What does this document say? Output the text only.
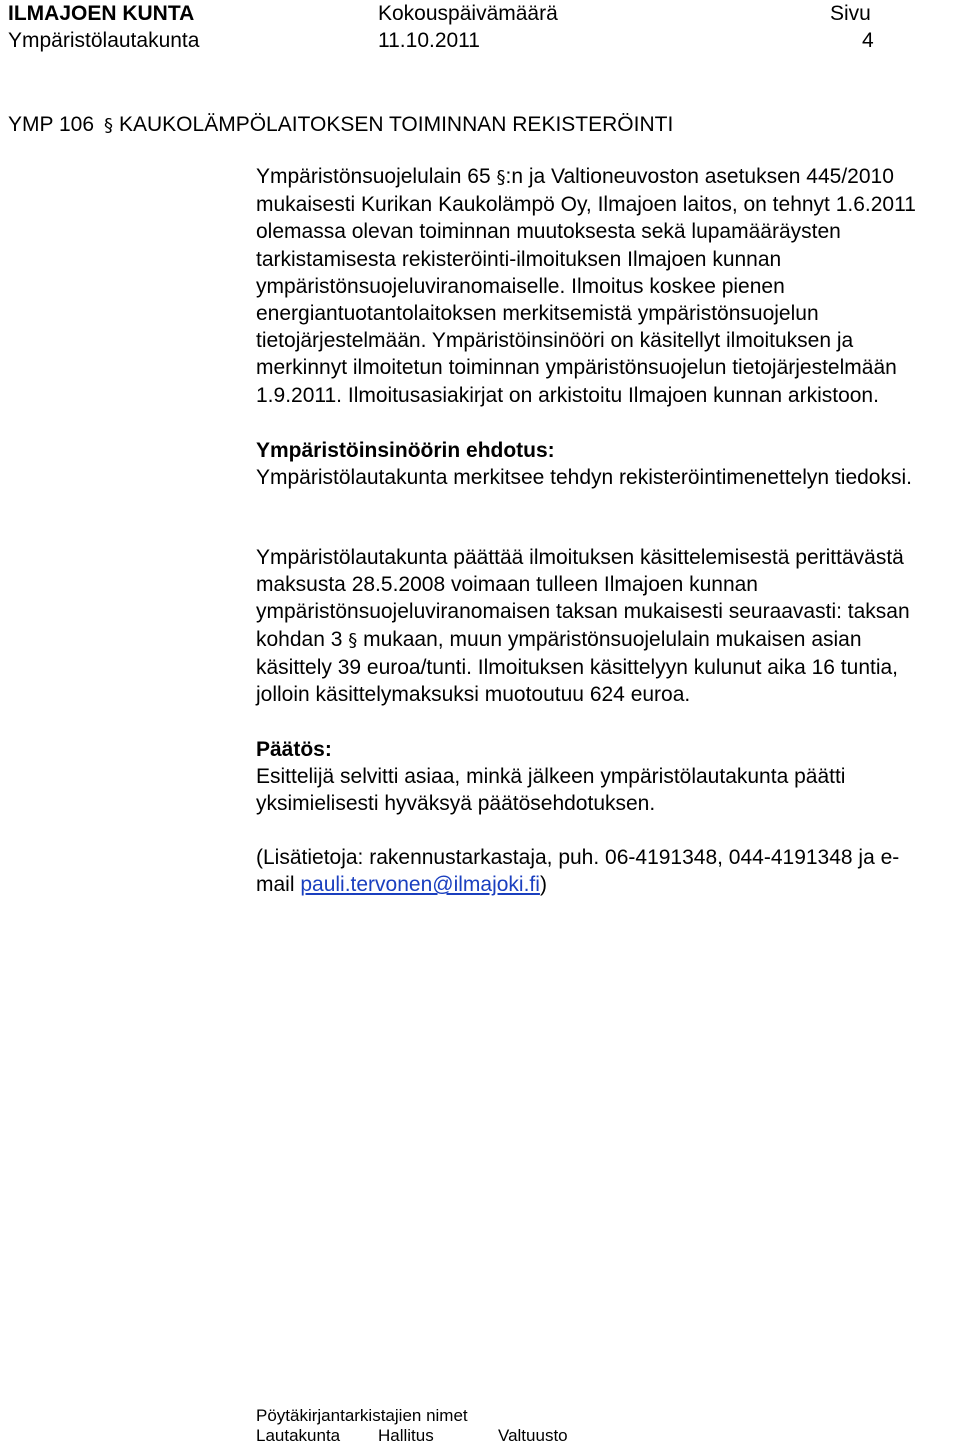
ILMAJOEN KUNTA	Kokouspäivämäärä	Sivu
Ympäristölautakunta	11.10.2011	4
YMP 106 § KAUKOLÄMPÖLAITOKSEN TOIMINNAN REKISTERÖINTI

Ympäristönsuojelulain 65 §:n ja Valtioneuvoston asetuksen 445/2010 mukaisesti Kurikan Kaukolämpö Oy, Ilmajoen laitos, on tehnyt 1.6.2011 olemassa olevan toiminnan muutoksesta sekä lupamääräysten tarkistamisesta rekisteröinti-ilmoituksen Ilmajoen kunnan ympäristönsuojeluviranomaiselle. Ilmoitus koskee pienen energiantuotantolaitoksen merkitsemistä ympäristönsuojelun tietojärjestelmään. Ympäristöinsinööri on käsitellyt ilmoituksen ja merkinnyt ilmoitetun toiminnan ympäristönsuojelun tietojärjestelmään 1.9.2011. Ilmoitusasiakirjat on arkistoitu Ilmajoen kunnan arkistoon.

Ympäristöinsinöörin ehdotus:

Ympäristölautakunta merkitsee tehdyn rekisteröintimenettelyn tiedoksi.

Ympäristölautakunta päättää ilmoituksen käsittelemisestä perittävästä maksusta 28.5.2008 voimaan tulleen Ilmajoen kunnan ympäristönsuojeluviranomaisen taksan mukaisesti seuraavasti: taksan kohdan 3 § mukaan, muun ympäristönsuojelulain mukaisen asian käsittely 39 euroa/tunti. Ilmoituksen käsittelyyn kulunut aika 16 tuntia, jolloin käsittelymaksuksi muotoutuu 624 euroa.

Päätös:

Esittelijä selvitti asiaa, minkä jälkeen ympäristölautakunta päätti yksimielisesti hyväksyä päätösehdotuksen.

(Lisätietoja: rakennustarkastaja, puh. 06-4191348, 044-4191348 ja e-mail pauli.tervonen@ilmajoki.fi)

Pöytäkirjantarkistajien nimet
Lautakunta Hallitus	Valtuusto
